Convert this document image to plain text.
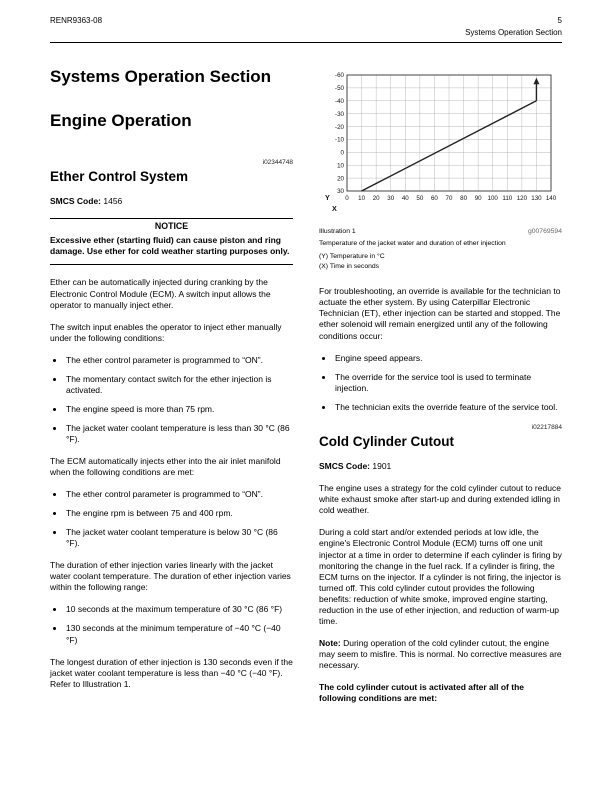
RENR9363-08	5
Systems Operation Section
Systems Operation Section
Engine Operation
i02344748
Ether Control System

SMCS Code: 1456

NOTICE

Excessive ether (starting fluid) can cause piston and ring damage. Use ether for cold weather starting purposes only.

Ether can be automatically injected during cranking by the Electronic Control Module (ECM). A switch input allows the operator to manually inject ether.

The switch input enables the operator to inject ether manually under the following conditions:

• The ether control parameter is programmed to “ON”.
• The momentary contact switch for the ether injection is activated.
• The engine speed is more than 75 rpm.
• The jacket water coolant temperature is less than 30 °C (86 °F).

The ECM automatically injects ether into the air inlet manifold when the following conditions are met:

• The ether control parameter is programmed to “ON”.
• The engine rpm is between 75 and 400 rpm.
• The jacket water coolant temperature is below 30 °C (86 °F).

The duration of ether injection varies linearly with the jacket water coolant temperature. The duration of ether injection varies within the following range:

• 10 seconds at the maximum temperature of 30 °C (86 °F)
• 130 seconds at the minimum temperature of −40 °C (−40 °F)

The longest duration of ether injection is 130 seconds even if the jacket water coolant temperature is less than −40 °C (−40 °F). Refer to Illustration 1.

-60
-50
-40
-30
-20
-10
0
10
20
30
0 10 20 30 40 50 60 70 80 90 100 110 120 130 140
Y
X
Illustration 1	g00769594

Temperature of the jacket water and duration of ether injection

(Y) Temperature in °C
(X) Time in seconds

For troubleshooting, an override is available for the technician to actuate the ether system. By using Caterpillar Electronic Technician (ET), ether injection can be started and stopped. The ether solenoid will remain energized until any of the following conditions occur:

• Engine speed appears.
• The override for the service tool is used to terminate injection.
• The technician exits the override feature of the service tool.
i02217884
Cold Cylinder Cutout

SMCS Code: 1901

The engine uses a strategy for the cold cylinder cutout to reduce white exhaust smoke after start-up and during extended idling in cold weather.

During a cold start and/or extended periods at low idle, the engine's Electronic Control Module (ECM) turns off one unit injector at a time in order to determine if each cylinder is firing by monitoring the change in the fuel rack. If a cylinder is firing, the ECM turns on the injector. If a cylinder is not firing, the injector is turned off. This cold cylinder cutout provides the following benefits: reduction of white smoke, improved engine starting, reduction in the use of ether injection, and reduction of warm-up time.

Note: During operation of the cold cylinder cutout, the engine may seem to misfire. This is normal. No corrective measures are necessary.

The cold cylinder cutout is activated after all of the following conditions are met:
